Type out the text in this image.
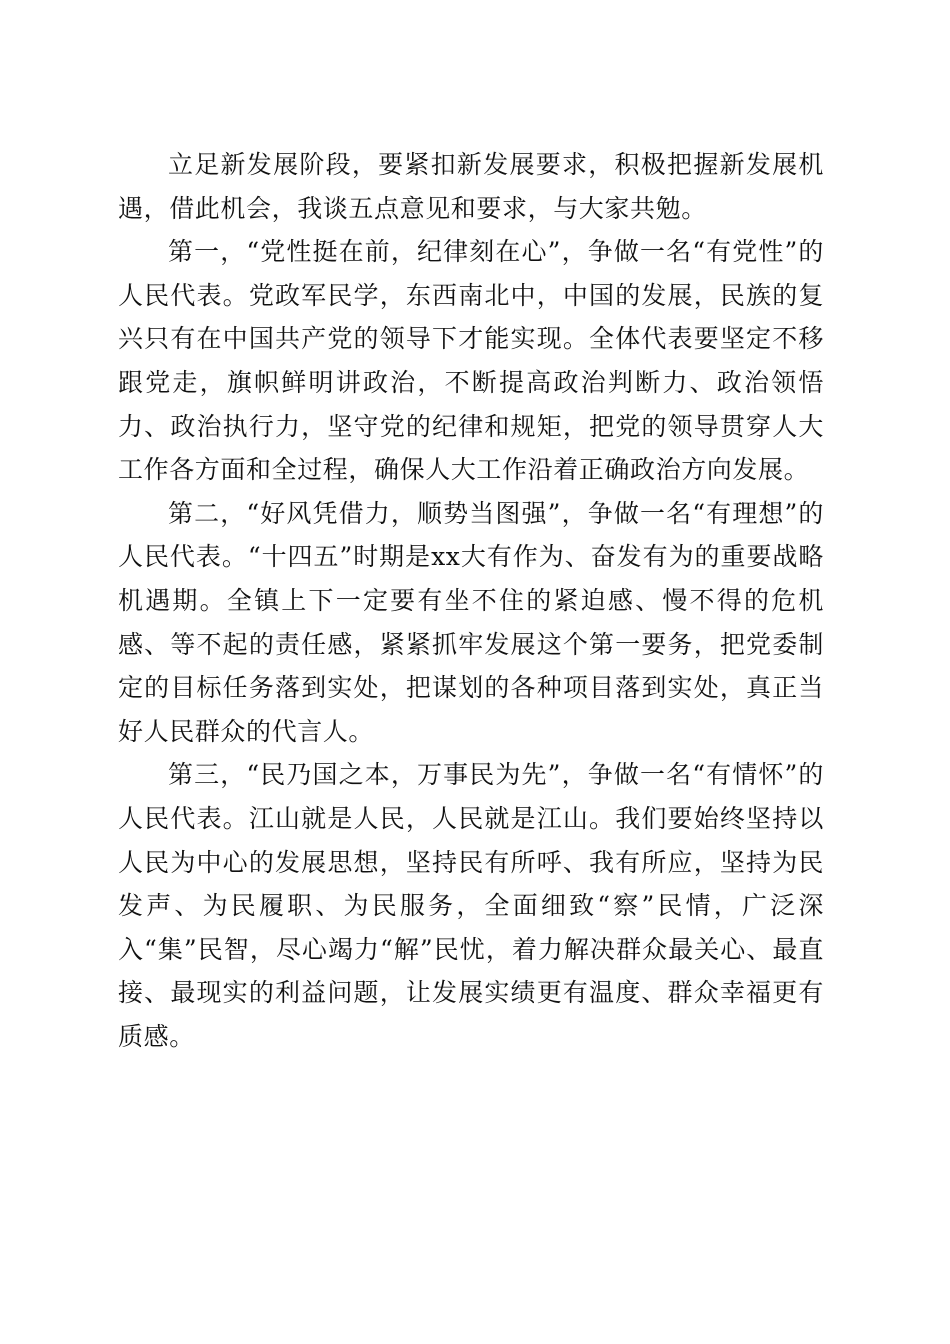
立足新发展阶段，要紧扣新发展要求，积极把握新发展机遇，借此机会，我谈五点意见和要求，与大家共勉。

第一，“党性挺在前，纪律刻在心”，争做一名“有党性”的人民代表。党政军民学，东西南北中，中国的发展，民族的复兴只有在中国共产党的领导下才能实现。全体代表要坚定不移跟党走，旗帜鲜明讲政治，不断提高政治判断力、政治领悟力、政治执行力，坚守党的纪律和规矩，把党的领导贯穿人大工作各方面和全过程，确保人大工作沿着正确政治方向发展。

第二，“好风凭借力，顺势当图强”，争做一名“有理想”的人民代表。“十四五”时期是xx大有作为、奋发有为的重要战略机遇期。全镇上下一定要有坐不住的紧迫感、慢不得的危机感、等不起的责任感，紧紧抓牢发展这个第一要务，把党委制定的目标任务落到实处，把谋划的各种项目落到实处，真正当好人民群众的代言人。

第三，“民乃国之本，万事民为先”，争做一名“有情怀”的人民代表。江山就是人民，人民就是江山。我们要始终坚持以人民为中心的发展思想，坚持民有所呼、我有所应，坚持为民发声、为民履职、为民服务，全面细致“察”民情，广泛深入“集”民智，尽心竭力“解”民忧，着力解决群众最关心、最直接、最现实的利益问题，让发展实绩更有温度、群众幸福更有质感。
